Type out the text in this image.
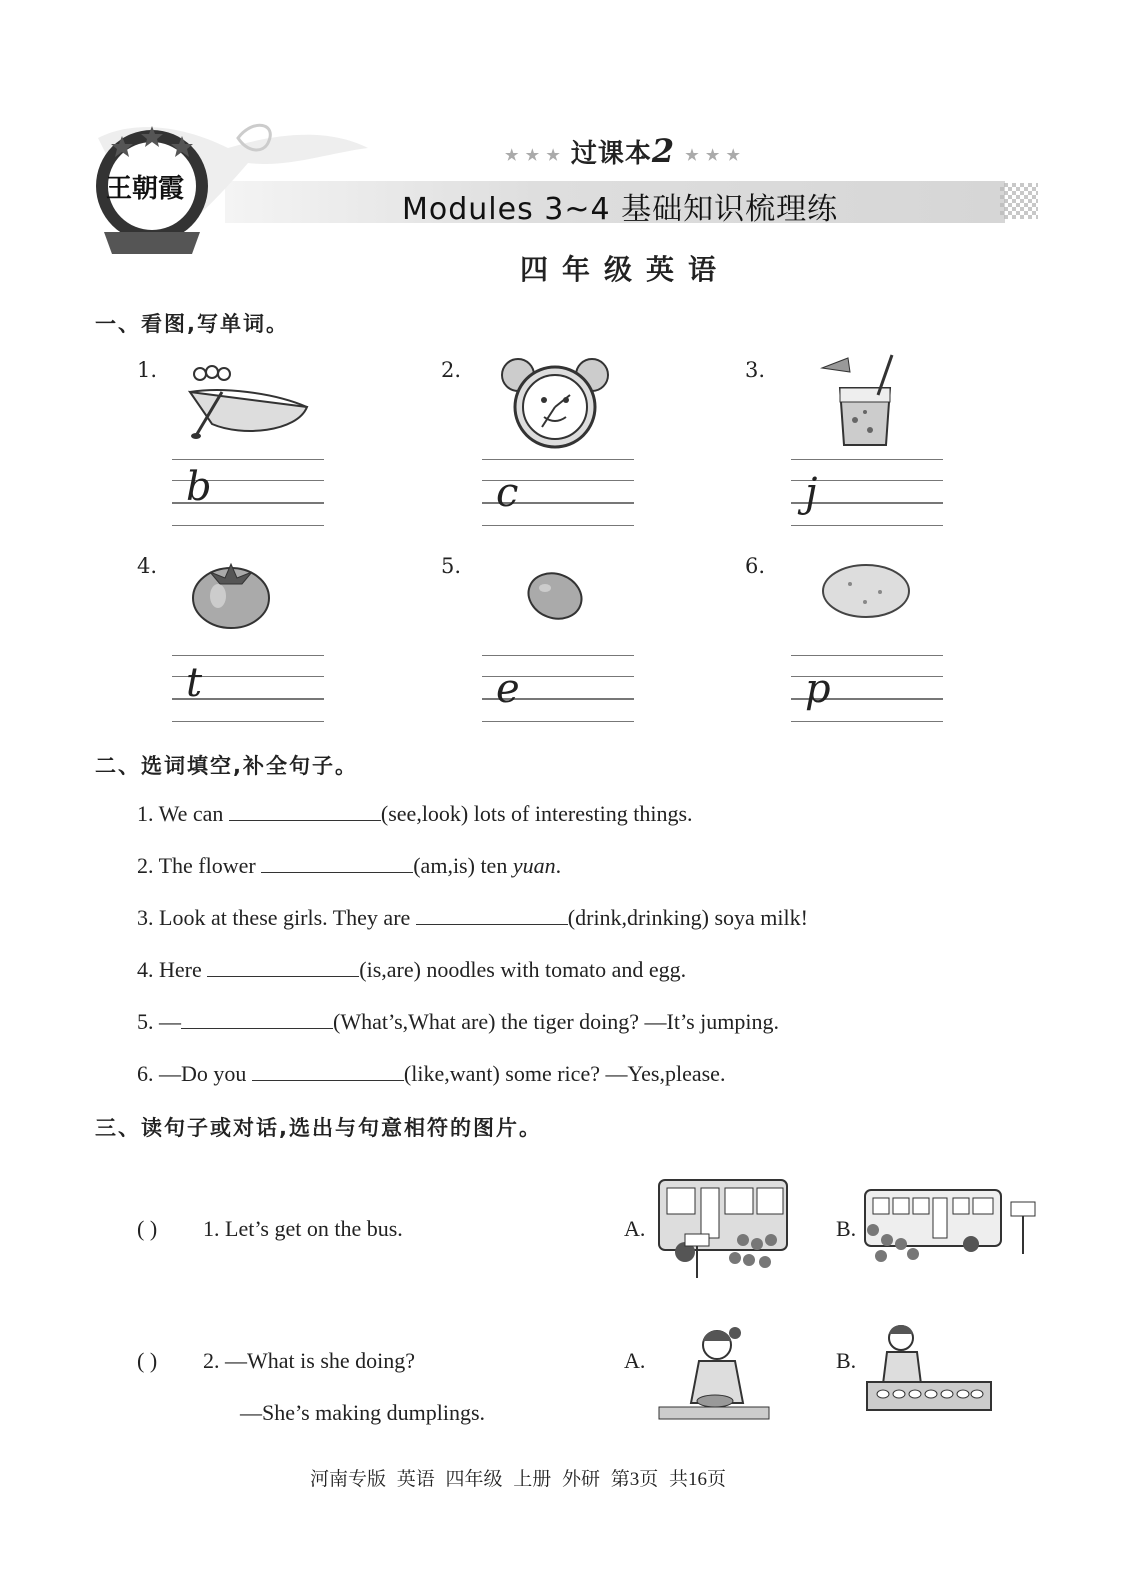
王朝霞
★ ★ ★ 过课本2 ★ ★ ★
Modules 3~4 基础知识梳理练
四年级英语
一、看图,写单词。
1.	2.	3.
b	c	j
4.	5.	6.
t	e	p
二、选词填空,补全句子。
1. We can	(see,look) lots of interesting things.
2. The flower	(am,is) ten yuan.
3. Look at these girls. They are	(drink,drinking) soya milk!
4. Here	(is,are) noodles with tomato and egg.
5. —	(What’s,What are) the tiger doing? —It’s jumping.
6. —Do you	(like,want) some rice? —Yes,please.
三、读句子或对话,选出与句意相符的图片。
( ) 1. Let’s get on the bus.	A.	B.
( ) 2. —What is she doing?
—She’s making dumplings.
A.	B.
河南专版 英语 四年级 上册 外研 第3页 共16页
